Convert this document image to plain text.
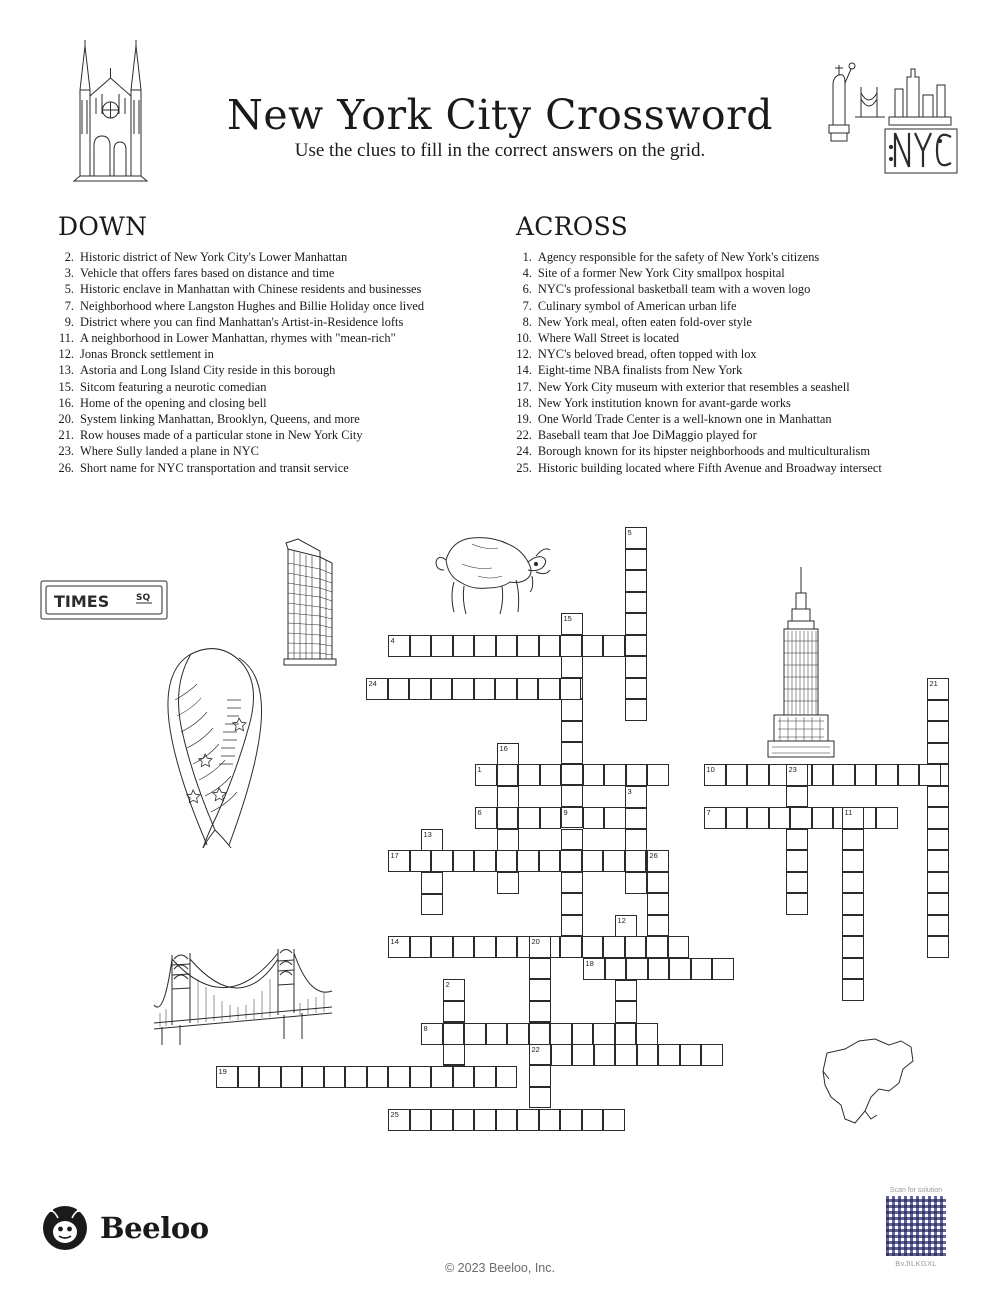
New York City Crossword
Use the clues to fill in the correct answers on the grid.
DOWN
2. Historic district of New York City's Lower Manhattan
3. Vehicle that offers fares based on distance and time
5. Historic enclave in Manhattan with Chinese residents and businesses
7. Neighborhood where Langston Hughes and Billie Holiday once lived
9. District where you can find Manhattan's Artist-in-Residence lofts
11. A neighborhood in Lower Manhattan, rhymes with "mean-rich"
12. Jonas Bronck settlement in
13. Astoria and Long Island City reside in this borough
15. Sitcom featuring a neurotic comedian
16. Home of the opening and closing bell
20. System linking Manhattan, Brooklyn, Queens, and more
21. Row houses made of a particular stone in New York City
23. Where Sully landed a plane in NYC
26. Short name for NYC transportation and transit service
ACROSS
1. Agency responsible for the safety of New York's citizens
4. Site of a former New York City smallpox hospital
6. NYC's professional basketball team with a woven logo
7. Culinary symbol of American urban life
8. New York meal, often eaten fold-over style
10. Where Wall Street is located
12. NYC's beloved bread, often topped with lox
14. Eight-time NBA finalists from New York
17. New York City museum with exterior that resembles a seashell
18. New York institution known for avant-garde works
19. One World Trade Center is a well-known one in Manhattan
22. Baseball team that Joe DiMaggio played for
24. Borough known for its hipster neighborhoods and multiculturalism
25. Historic building located where Fifth Avenue and Broadway intersect
TIMES	SQ
5
15
9
4
24	21
16
1	10	23
3
6	7	11
13
17	26
12
14	20
22
18
2
8
19
25
Beeloo
© 2023 Beeloo, Inc.
Scan for solution
BvJILKGXL
